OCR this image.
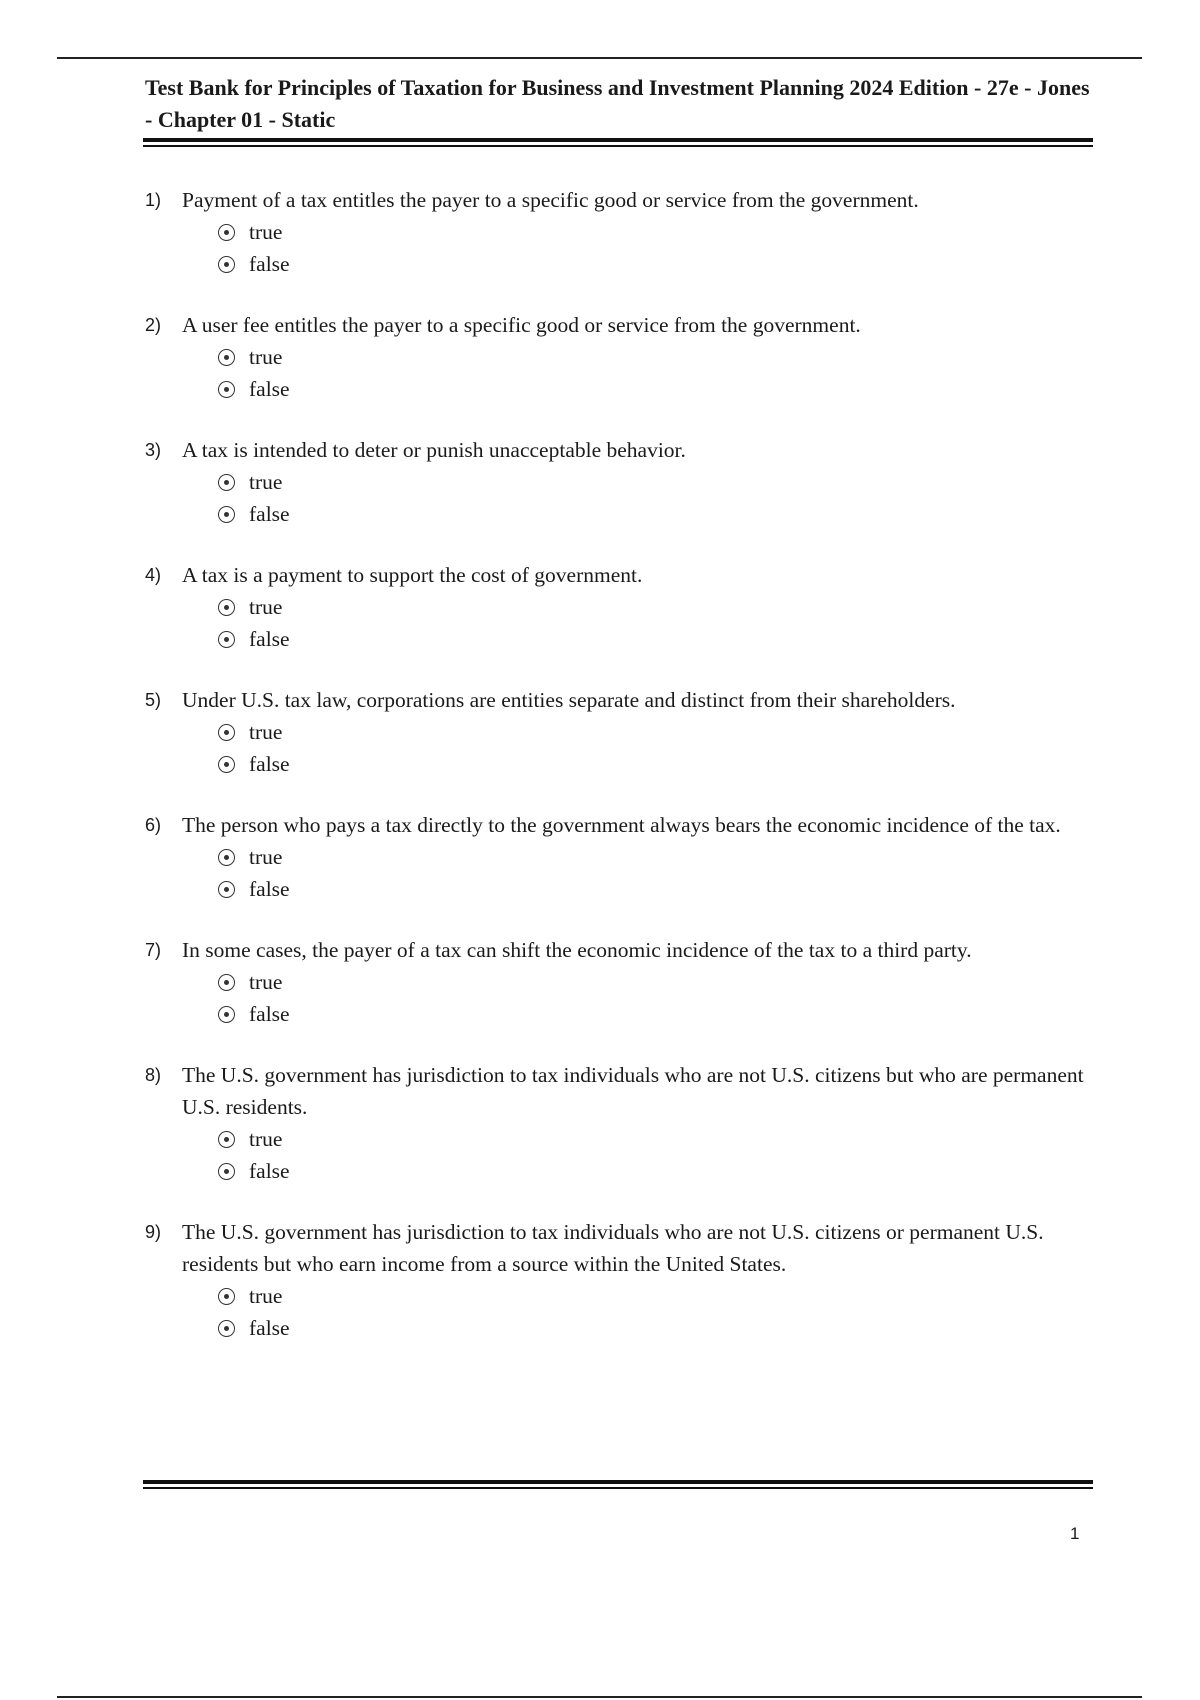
Test Bank for Principles of Taxation for Business and Investment Planning 2024 Edition - 27e - Jones - Chapter 01 - Static
1) Payment of a tax entitles the payer to a specific good or service from the government.
true
false
2) A user fee entitles the payer to a specific good or service from the government.
true
false
3) A tax is intended to deter or punish unacceptable behavior.
true
false
4) A tax is a payment to support the cost of government.
true
false
5) Under U.S. tax law, corporations are entities separate and distinct from their shareholders.
true
false
6) The person who pays a tax directly to the government always bears the economic incidence of the tax.
true
false
7) In some cases, the payer of a tax can shift the economic incidence of the tax to a third party.
true
false
8) The U.S. government has jurisdiction to tax individuals who are not U.S. citizens but who are permanent U.S. residents.
true
false
9) The U.S. government has jurisdiction to tax individuals who are not U.S. citizens or permanent U.S. residents but who earn income from a source within the United States.
true
false
1
